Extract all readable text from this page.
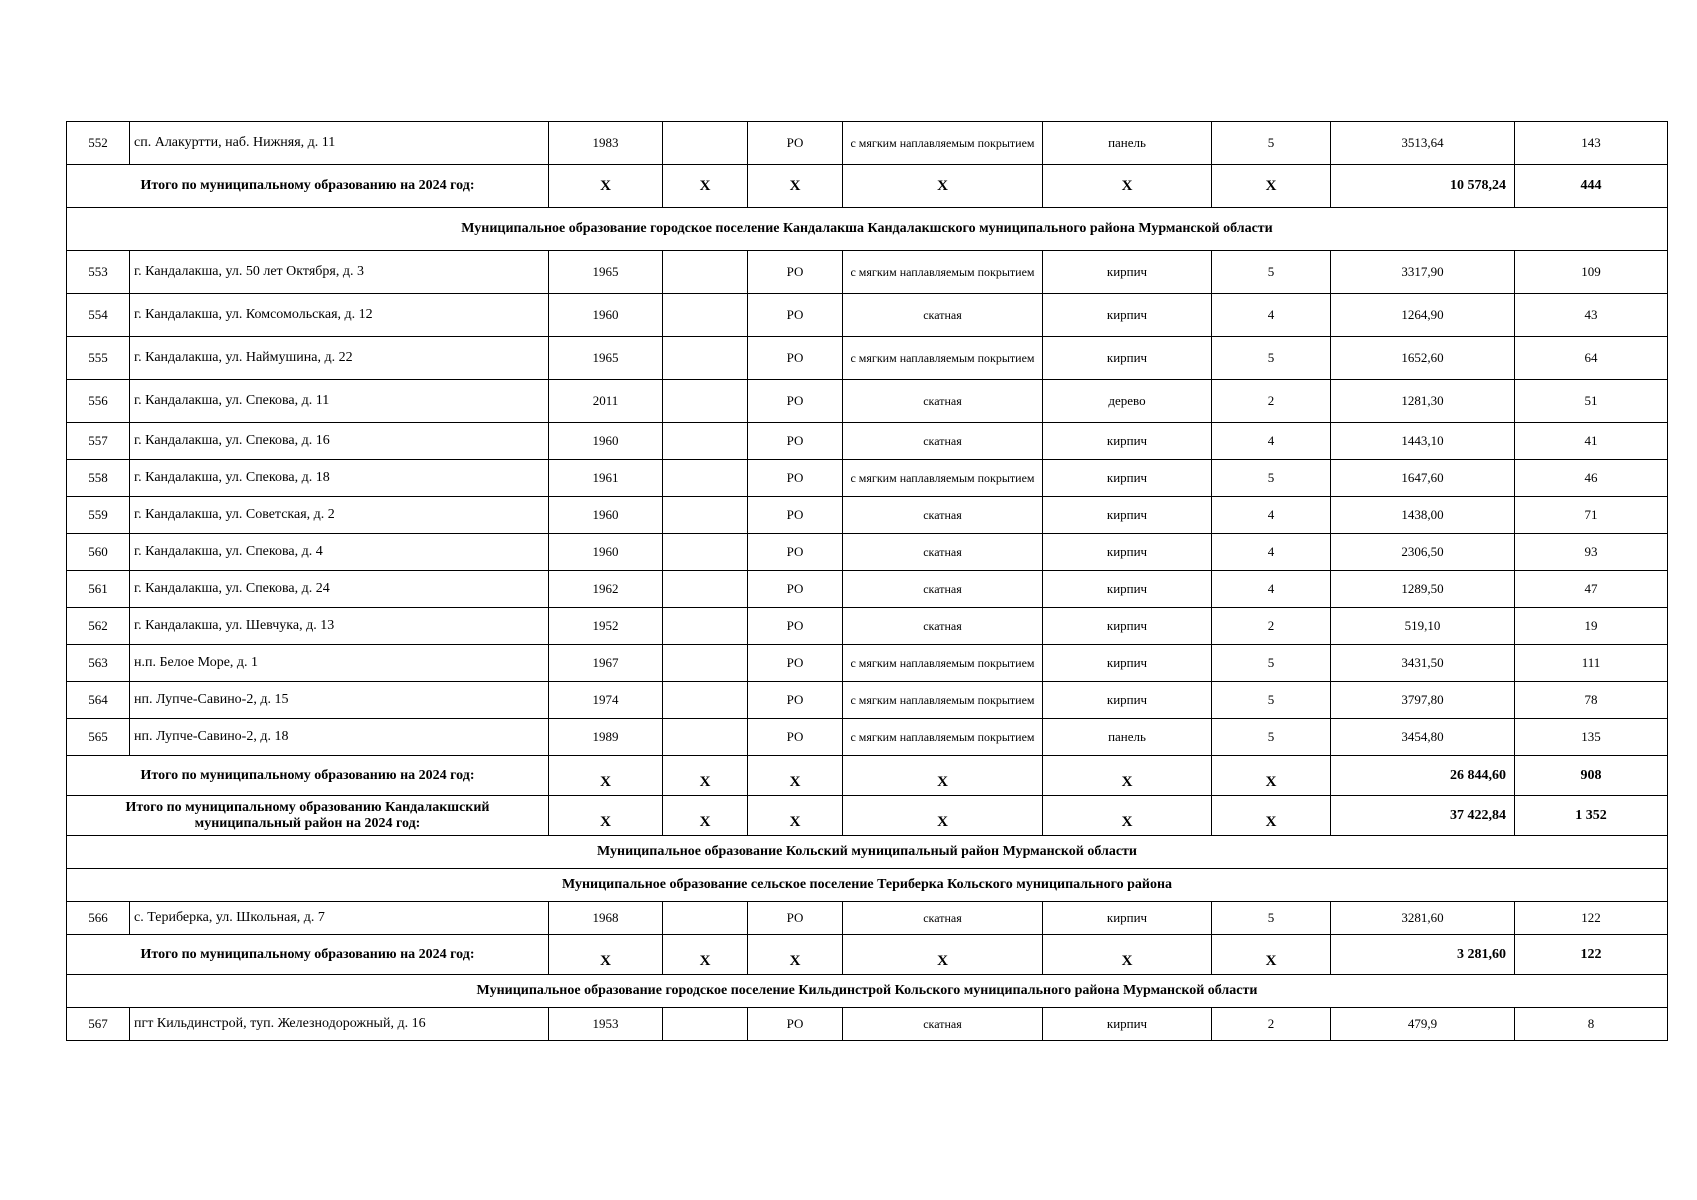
552	сп. Алакуртти, наб. Нижняя, д. 11	1983		РО	с мягким наплавляемым покрытием	панель	5	3513,64	143
Итого по муниципальному образованию на 2024 год:		X	X	X	X	X	X	10 578,24	444
Муниципальное образование городское поселение Кандалакша Кандалакшского муниципального района Мурманской области									
553	г. Кандалакша, ул. 50 лет Октября, д. 3	1965		РО	с мягким наплавляемым покрытием	кирпич	5	3317,90	109
554	г. Кандалакша, ул. Комсомольская, д. 12	1960		РО	скатная	кирпич	4	1264,90	43
555	г. Кандалакша, ул. Наймушина, д. 22	1965		РО	с мягким наплавляемым покрытием	кирпич	5	1652,60	64
556	г. Кандалакша, ул. Спекова, д. 11	2011		РО	скатная	дерево	2	1281,30	51
557	г. Кандалакша, ул. Спекова, д. 16	1960		РО	скатная	кирпич	4	1443,10	41
558	г. Кандалакша, ул. Спекова, д. 18	1961		РО	с мягким наплавляемым покрытием	кирпич	5	1647,60	46
559	г. Кандалакша, ул. Советская, д. 2	1960		РО	скатная	кирпич	4	1438,00	71
560	г. Кандалакша, ул. Спекова, д. 4	1960		РО	скатная	кирпич	4	2306,50	93
561	г. Кандалакша, ул. Спекова, д. 24	1962		РО	скатная	кирпич	4	1289,50	47
562	г. Кандалакша, ул. Шевчука, д. 13	1952		РО	скатная	кирпич	2	519,10	19
563	н.п. Белое Море, д. 1	1967		РО	с мягким наплавляемым покрытием	кирпич	5	3431,50	111
564	нп. Лупче-Савино-2, д. 15	1974		РО	с мягким наплавляемым покрытием	кирпич	5	3797,80	78
565	нп. Лупче-Савино-2, д. 18	1989		РО	с мягким наплавляемым покрытием	панель	5	3454,80	135
Итого по муниципальному образованию на 2024 год:		X	X	X	X	X	X	26 844,60	908
Итого по муниципальному образованию Кандалакшский муниципальный район на 2024 год:		X	X	X	X	X	X	37 422,84	1 352
Муниципальное образование Кольский муниципальный район Мурманской области									
Муниципальное образование сельское поселение Териберка Кольского муниципального района									
566	с. Териберка, ул. Школьная, д. 7	1968		РО	скатная	кирпич	5	3281,60	122
Итого по муниципальному образованию на 2024 год:		X	X	X	X	X	X	3 281,60	122
Муниципальное образование городское поселение Кильдинстрой Кольского муниципального района Мурманской области									
567	пгт Кильдинстрой, туп. Железнодорожный, д. 16	1953		РО	скатная	кирпич	2	479,9	8
